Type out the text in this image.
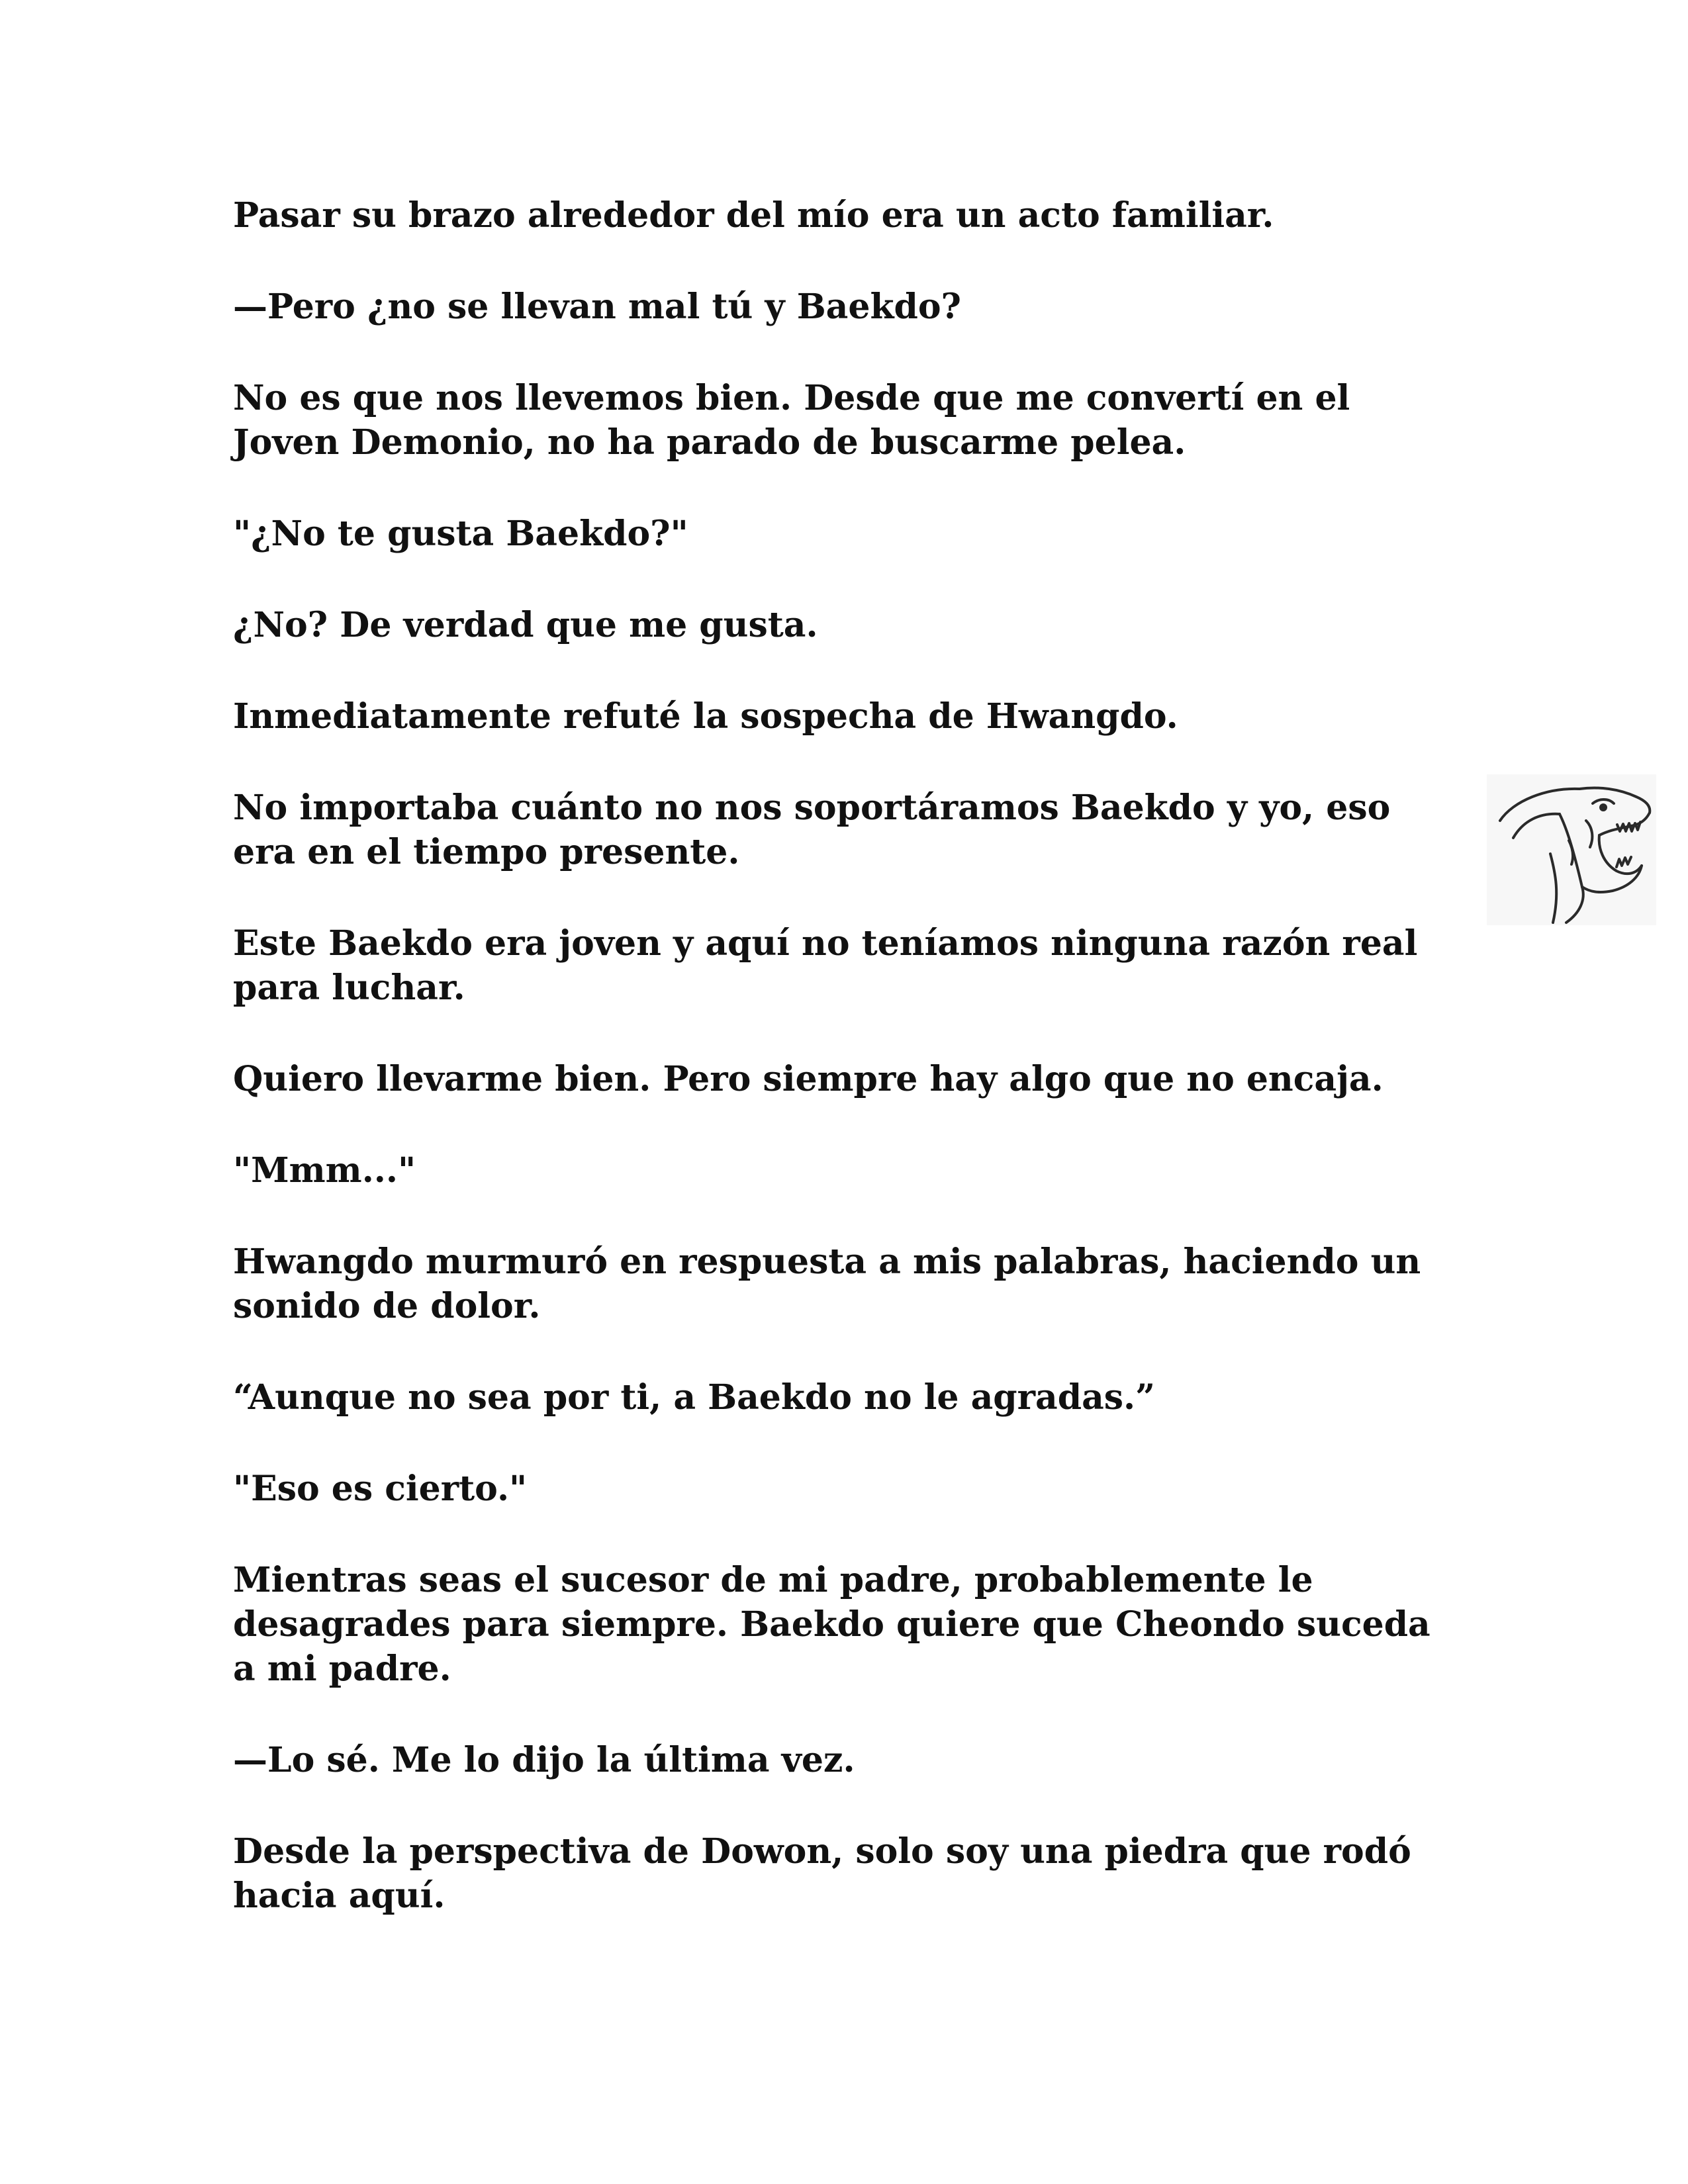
Pasar su brazo alrededor del mío era un acto familiar.

—Pero ¿no se llevan mal tú y Baekdo?

No es que nos llevemos bien. Desde que me convertí en el
Joven Demonio, no ha parado de buscarme pelea.

"¿No te gusta Baekdo?"

¿No? De verdad que me gusta.

Inmediatamente refuté la sospecha de Hwangdo.

No importaba cuánto no nos soportáramos Baekdo y yo, eso
era en el tiempo presente.

Este Baekdo era joven y aquí no teníamos ninguna razón real
para luchar.

Quiero llevarme bien. Pero siempre hay algo que no encaja.

"Mmm..."

Hwangdo murmuró en respuesta a mis palabras, haciendo un
sonido de dolor.

“Aunque no sea por ti, a Baekdo no le agradas.”

"Eso es cierto."

Mientras seas el sucesor de mi padre, probablemente le
desagrades para siempre. Baekdo quiere que Cheondo suceda
a mi padre.

—Lo sé. Me lo dijo la última vez.

Desde la perspectiva de Dowon, solo soy una piedra que rodó
hacia aquí.
